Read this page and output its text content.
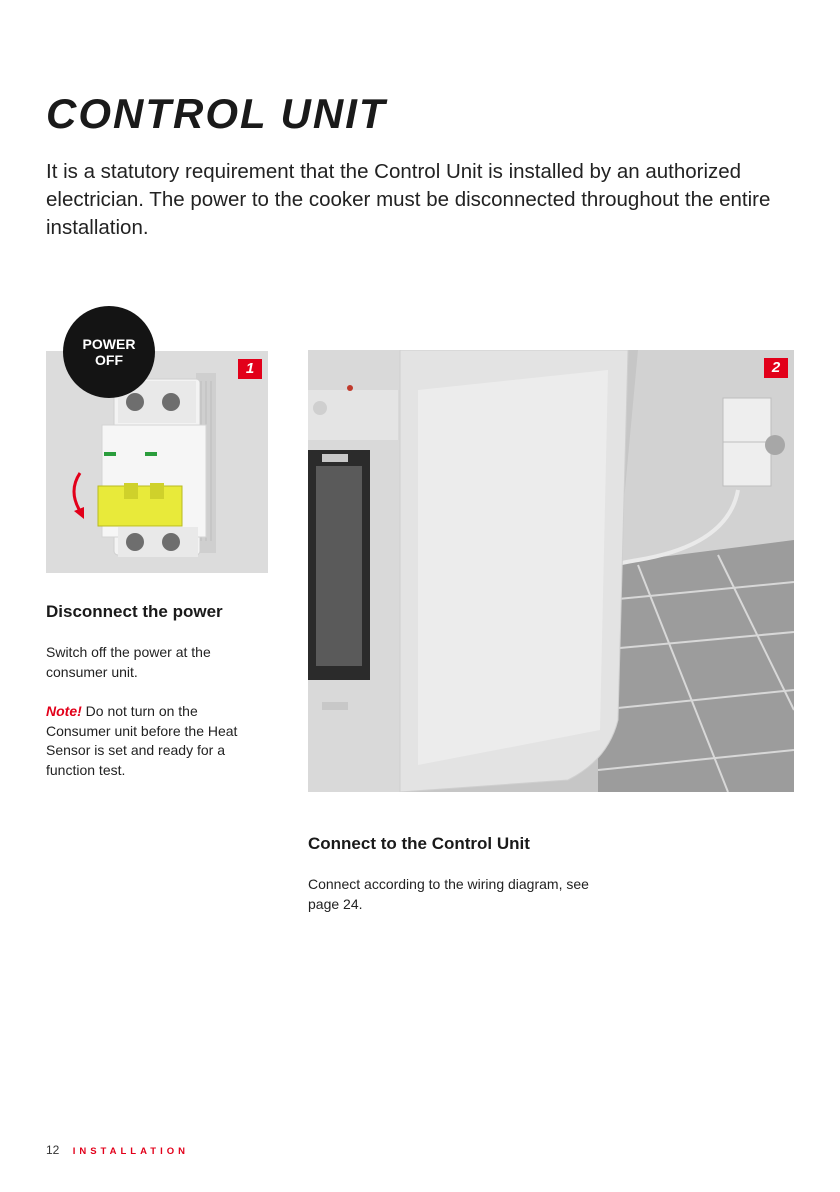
CONTROL UNIT

It is a statutory requirement that the Control Unit is installed by an authorized electrician. The power to the cooker must be disconnected throughout the entire installation.

POWER
OFF	1
Disconnect the power

Switch off the power at the consumer unit.

Note! Do not turn on the Consumer unit before the Heat Sensor is set and ready for a function test.

2
Connect to the Control Unit

Connect according to the wiring diagram, see page 24.

12 INSTALLATION
